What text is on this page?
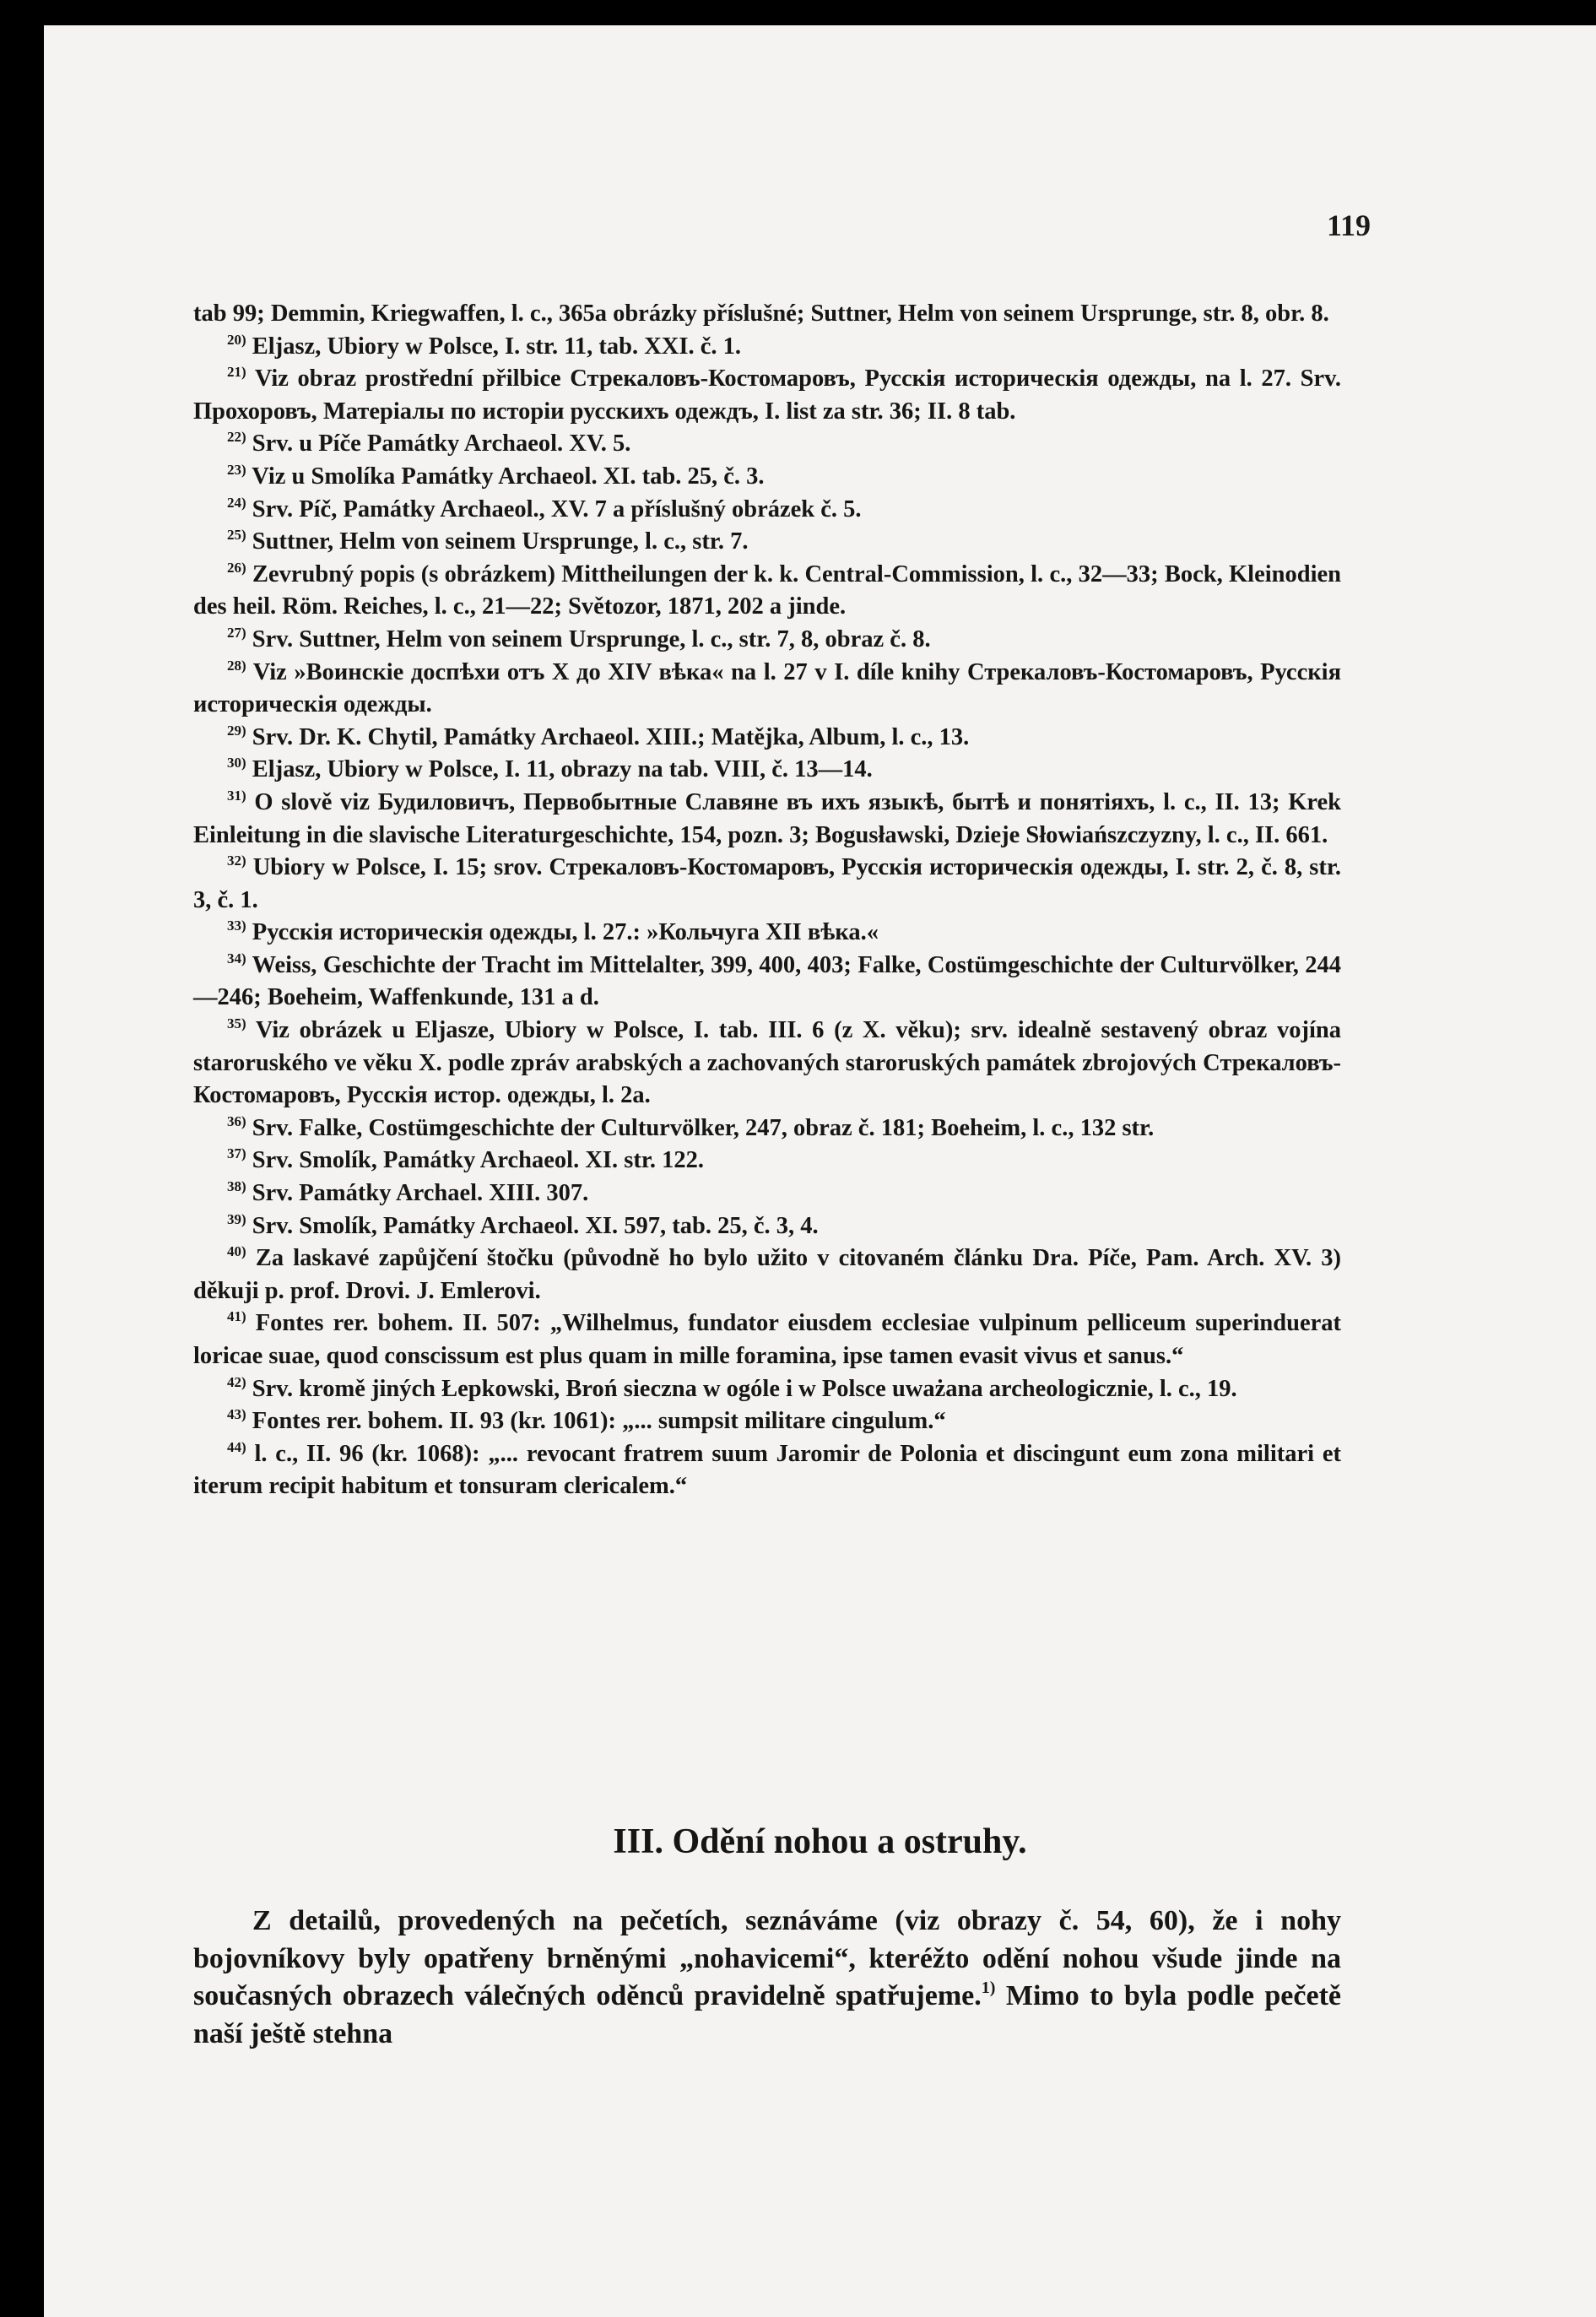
119

tab 99; Demmin, Kriegwaffen, l. c., 365a obrázky příslušné; Suttner, Helm von seinem Ursprunge, str. 8, obr. 8.

$^{20)}$ Eljasz, Ubiory w Polsce, I. str. 11, tab. XXI. č. 1.

$^{21)}$ Viz obraz prostřední přilbice Стрекаловъ-Костомаровъ, Русскія историческія одежды, na l. 27. Srv. Прохоровъ, Матеріалы по исторіи русскихъ одеждъ, I. list za str. 36; II. 8 tab.

$^{22)}$ Srv. u Píče Památky Archaeol. XV. 5.

$^{23)}$ Viz u Smolíka Památky Archaeol. XI. tab. 25, č. 3.

$^{24)}$ Srv. Píč, Památky Archaeol., XV. 7 a příslušný obrázek č. 5.

$^{25)}$ Suttner, Helm von seinem Ursprunge, l. c., str. 7.

$^{26)}$ Zevrubný popis (s obrázkem) Mittheilungen der k. k. Central-Commission, l. c., 32—33; Bock, Kleinodien des heil. Röm. Reiches, l. c., 21—22; Světozor, 1871, 202 a jinde.

$^{27)}$ Srv. Suttner, Helm von seinem Ursprunge, l. c., str. 7, 8, obraz č. 8.

$^{28)}$ Viz »Воинскіе доспѣхи отъ X до XIV вѣка« na l. 27 v I. díle knihy Стрекаловъ-Костомаровъ, Русскія историческія одежды.

$^{29)}$ Srv. Dr. K. Chytil, Památky Archaeol. XIII.; Matějka, Album, l. c., 13.

$^{30)}$ Eljasz, Ubiory w Polsce, I. 11, obrazy na tab. VIII, č. 13—14.

$^{31)}$ O slově viz Будиловичъ, Первобытные Славяне въ ихъ языкѣ, бытѣ и понятіяхъ, l. c., II. 13; Krek Einleitung in die slavische Literaturgeschichte, 154, pozn. 3; Bogusławski, Dzieje Słowiańszczyzny, l. c., II. 661.

$^{32)}$ Ubiory w Polsce, I. 15; srov. Стрекаловъ-Костомаровъ, Русскія историческія одежды, I. str. 2, č. 8, str. 3, č. 1.

$^{33)}$ Русскія историческія одежды, l. 27.: »Кольчуга XII вѣка.«

$^{34)}$ Weiss, Geschichte der Tracht im Mittelalter, 399, 400, 403; Falke, Costümgeschichte der Culturvölker, 244—246; Boeheim, Waffenkunde, 131 a d.

$^{35)}$ Viz obrázek u Eljasze, Ubiory w Polsce, I. tab. III. 6 (z X. věku); srv. idealně sestavený obraz vojína staroruského ve věku X. podle zpráv arabských a zachovaných staroruských památek zbrojových Стрекаловъ-Костомаровъ, Русскія истор. одежды, l. 2a.

$^{36)}$ Srv. Falke, Costümgeschichte der Culturvölker, 247, obraz č. 181; Boeheim, l. c., 132 str.

$^{37)}$ Srv. Smolík, Památky Archaeol. XI. str. 122.

$^{38)}$ Srv. Památky Archael. XIII. 307.

$^{39)}$ Srv. Smolík, Památky Archaeol. XI. 597, tab. 25, č. 3, 4.

$^{40)}$ Za laskavé zapůjčení štočku (původně ho bylo užito v citovaném článku Dra. Píče, Pam. Arch. XV. 3) děkuji p. prof. Drovi. J. Emlerovi.

$^{41)}$ Fontes rer. bohem. II. 507: „Wilhelmus, fundator eiusdem ecclesiae vulpinum pelliceum superinduerat loricae suae, quod conscissum est plus quam in mille foramina, ipse tamen evasit vivus et sanus.“

$^{42)}$ Srv. kromě jiných Łepkowski, Broń sieczna w ogóle i w Polsce uważana archeologicznie, l. c., 19.

$^{43)}$ Fontes rer. bohem. II. 93 (kr. 1061): „... sumpsit militare cingulum.“

$^{44)}$ l. c., II. 96 (kr. 1068): „... revocant fratrem suum Jaromir de Polonia et discingunt eum zona militari et iterum recipit habitum et tonsuram clericalem.“

III. Odění nohou a ostruhy.

Z detailů, provedených na pečetích, seznáváme (viz obrazy č. 54, 60), že i nohy bojovníkovy byly opatřeny brněnými „nohavicemi“, kteréžto odění nohou všude jinde na současných obrazech válečných oděnců pravidelně spatřujeme.$^{1)}$ Mimo to byla podle pečetě naší ještě stehna
